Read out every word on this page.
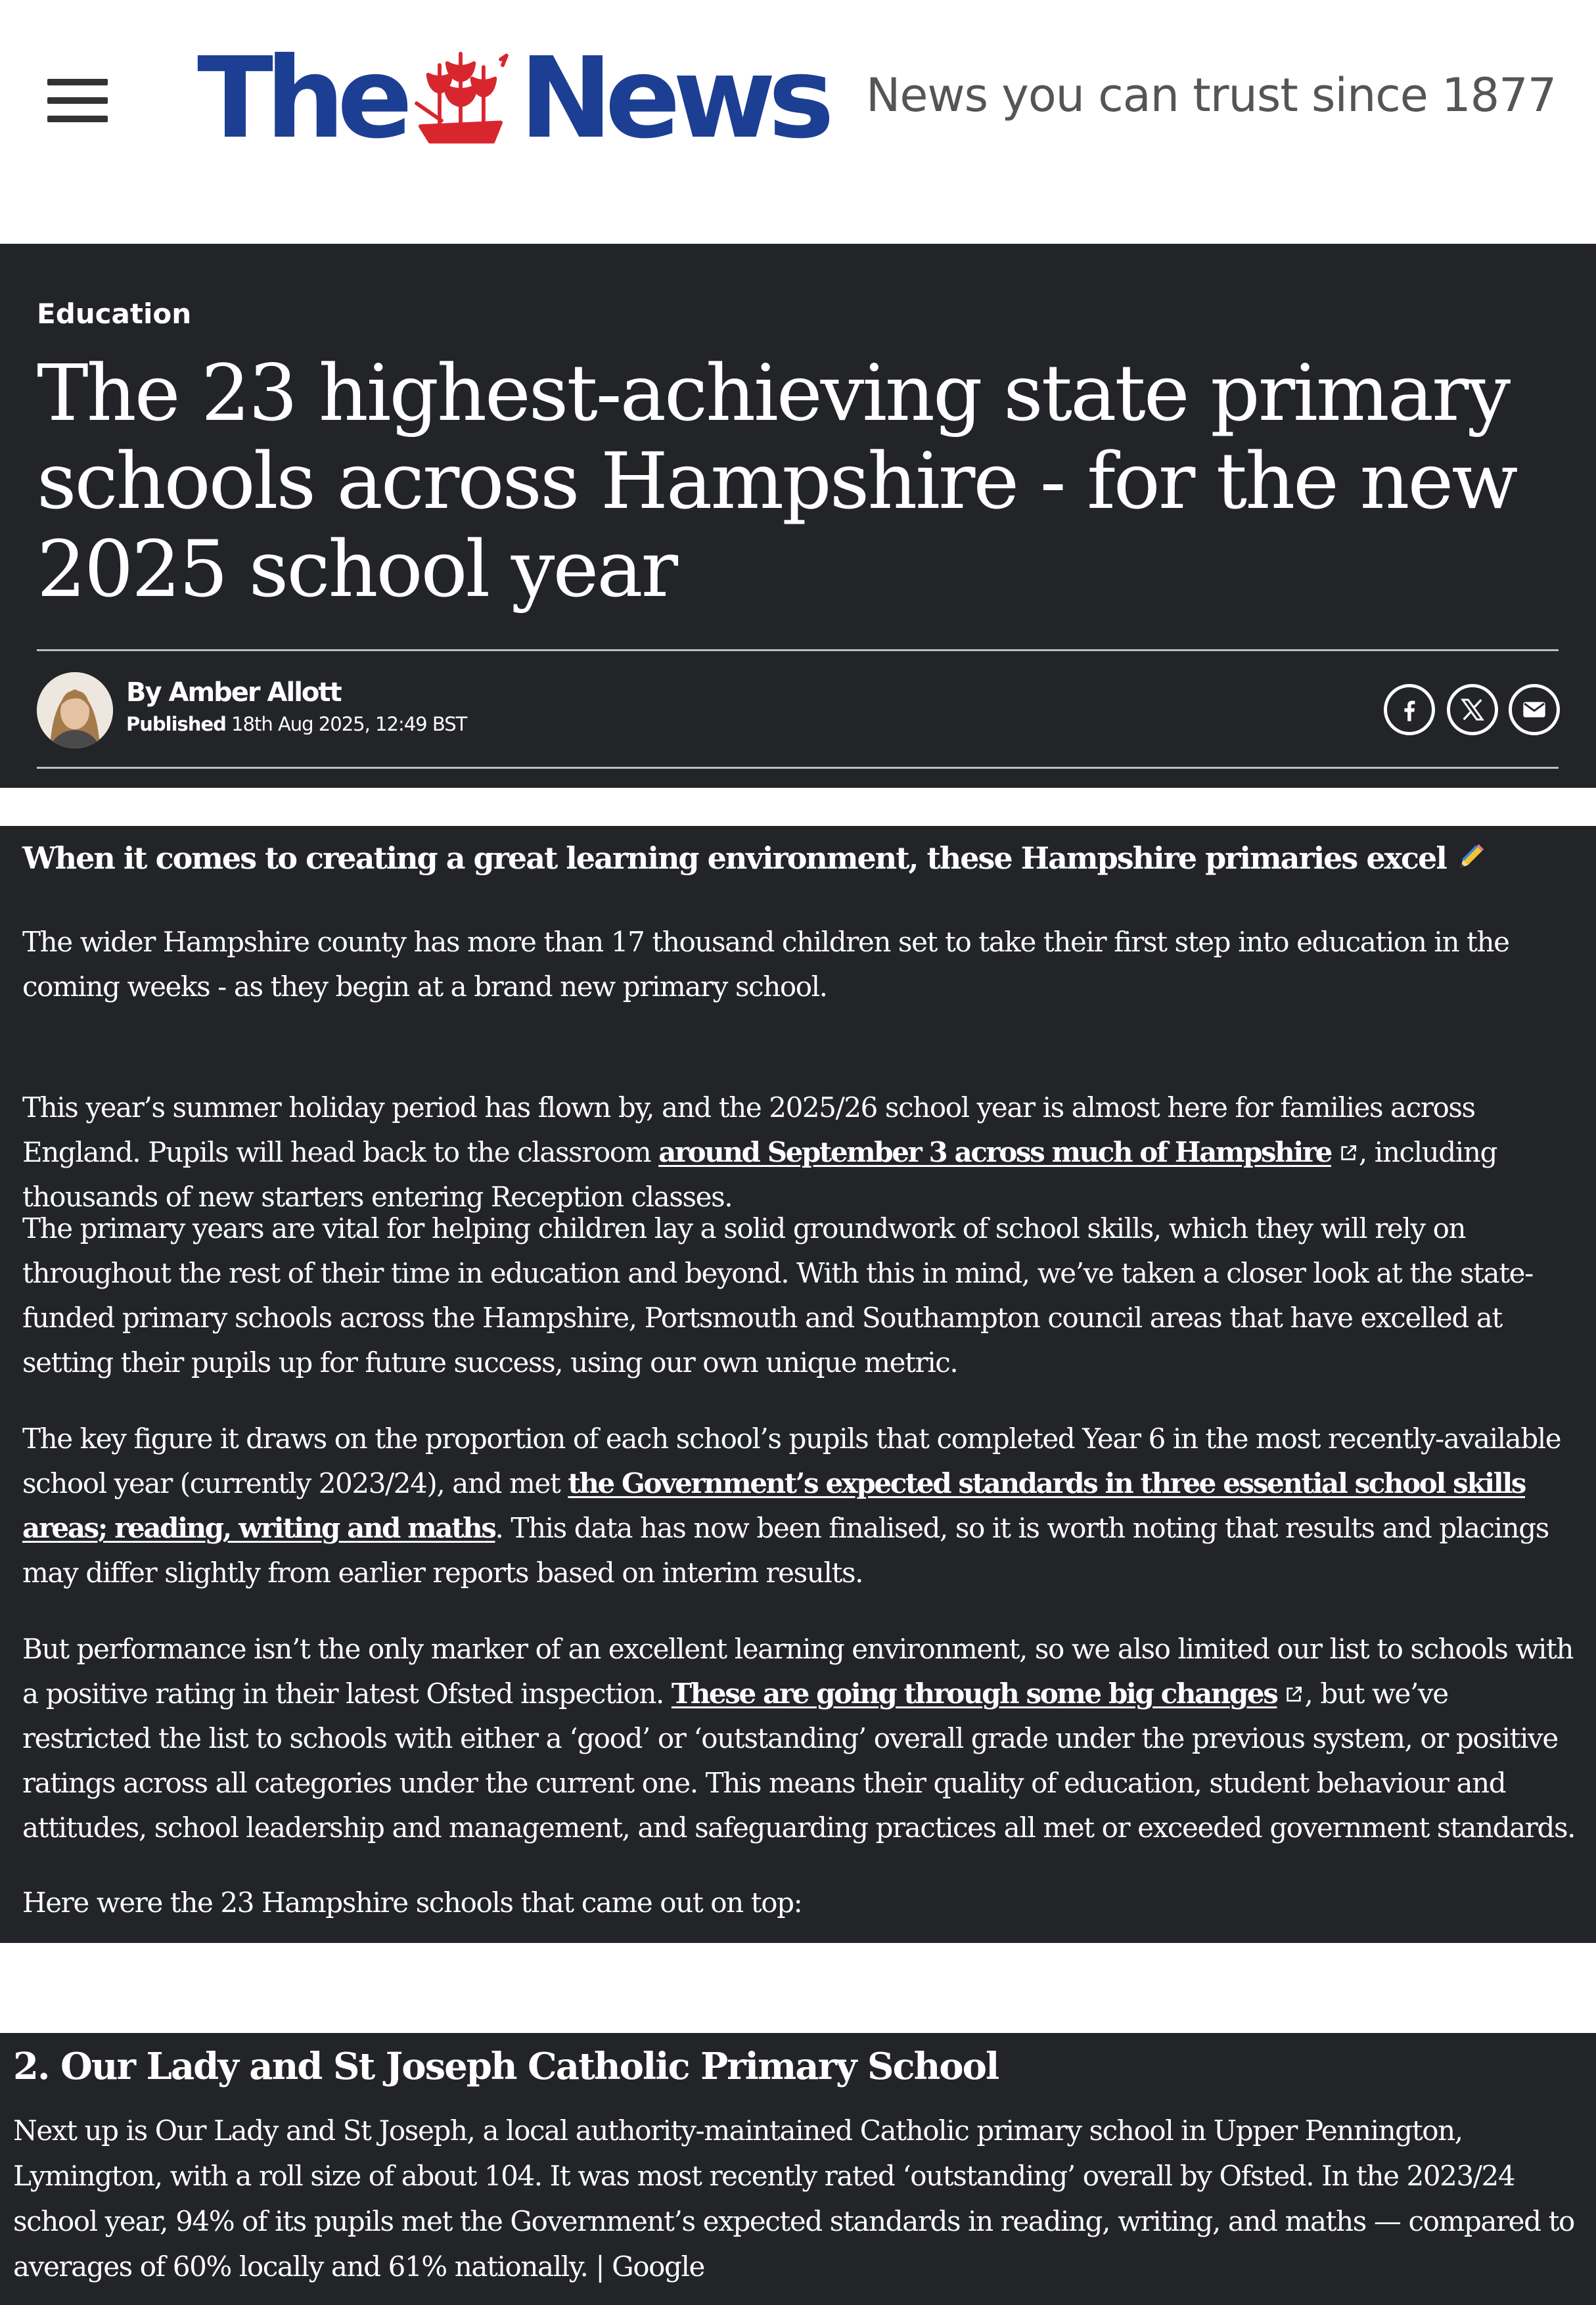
The News News you can trust since 1877
Education
The 23 highest-achieving state primary schools across Hampshire - for the new 2025 school year
By Amber Allott
Published 18th Aug 2025, 12:49 BST
When it comes to creating a great learning environment, these Hampshire primaries excel

The wider Hampshire county has more than 17 thousand children set to take their first step into education in the coming weeks - as they begin at a brand new primary school.

This year’s summer holiday period has flown by, and the 2025/26 school year is almost here for families across England. Pupils will head back to the classroom around September 3 across much of Hampshire , including thousands of new starters entering Reception classes.

The primary years are vital for helping children lay a solid groundwork of school skills, which they will rely on throughout the rest of their time in education and beyond. With this in mind, we’ve taken a closer look at the state-funded primary schools across the Hampshire, Portsmouth and Southampton council areas that have excelled at setting their pupils up for future success, using our own unique metric.

The key figure it draws on the proportion of each school’s pupils that completed Year 6 in the most recently-available school year (currently 2023/24), and met the Government’s expected standards in three essential school skills areas; reading, writing and maths. This data has now been finalised, so it is worth noting that results and placings may differ slightly from earlier reports based on interim results.

But performance isn’t the only marker of an excellent learning environment, so we also limited our list to schools with a positive rating in their latest Ofsted inspection. These are going through some big changes , but we’ve restricted the list to schools with either a ‘good’ or ‘outstanding’ overall grade under the previous system, or positive ratings across all categories under the current one. This means their quality of education, student behaviour and attitudes, school leadership and management, and safeguarding practices all met or exceeded government standards.

Here were the 23 Hampshire schools that came out on top:

2. Our Lady and St Joseph Catholic Primary School

Next up is Our Lady and St Joseph, a local authority-maintained Catholic primary school in Upper Pennington, Lymington, with a roll size of about 104. It was most recently rated ‘outstanding’ overall by Ofsted. In the 2023/24 school year, 94% of its pupils met the Government’s expected standards in reading, writing, and maths — compared to averages of 60% locally and 61% nationally. | Google
